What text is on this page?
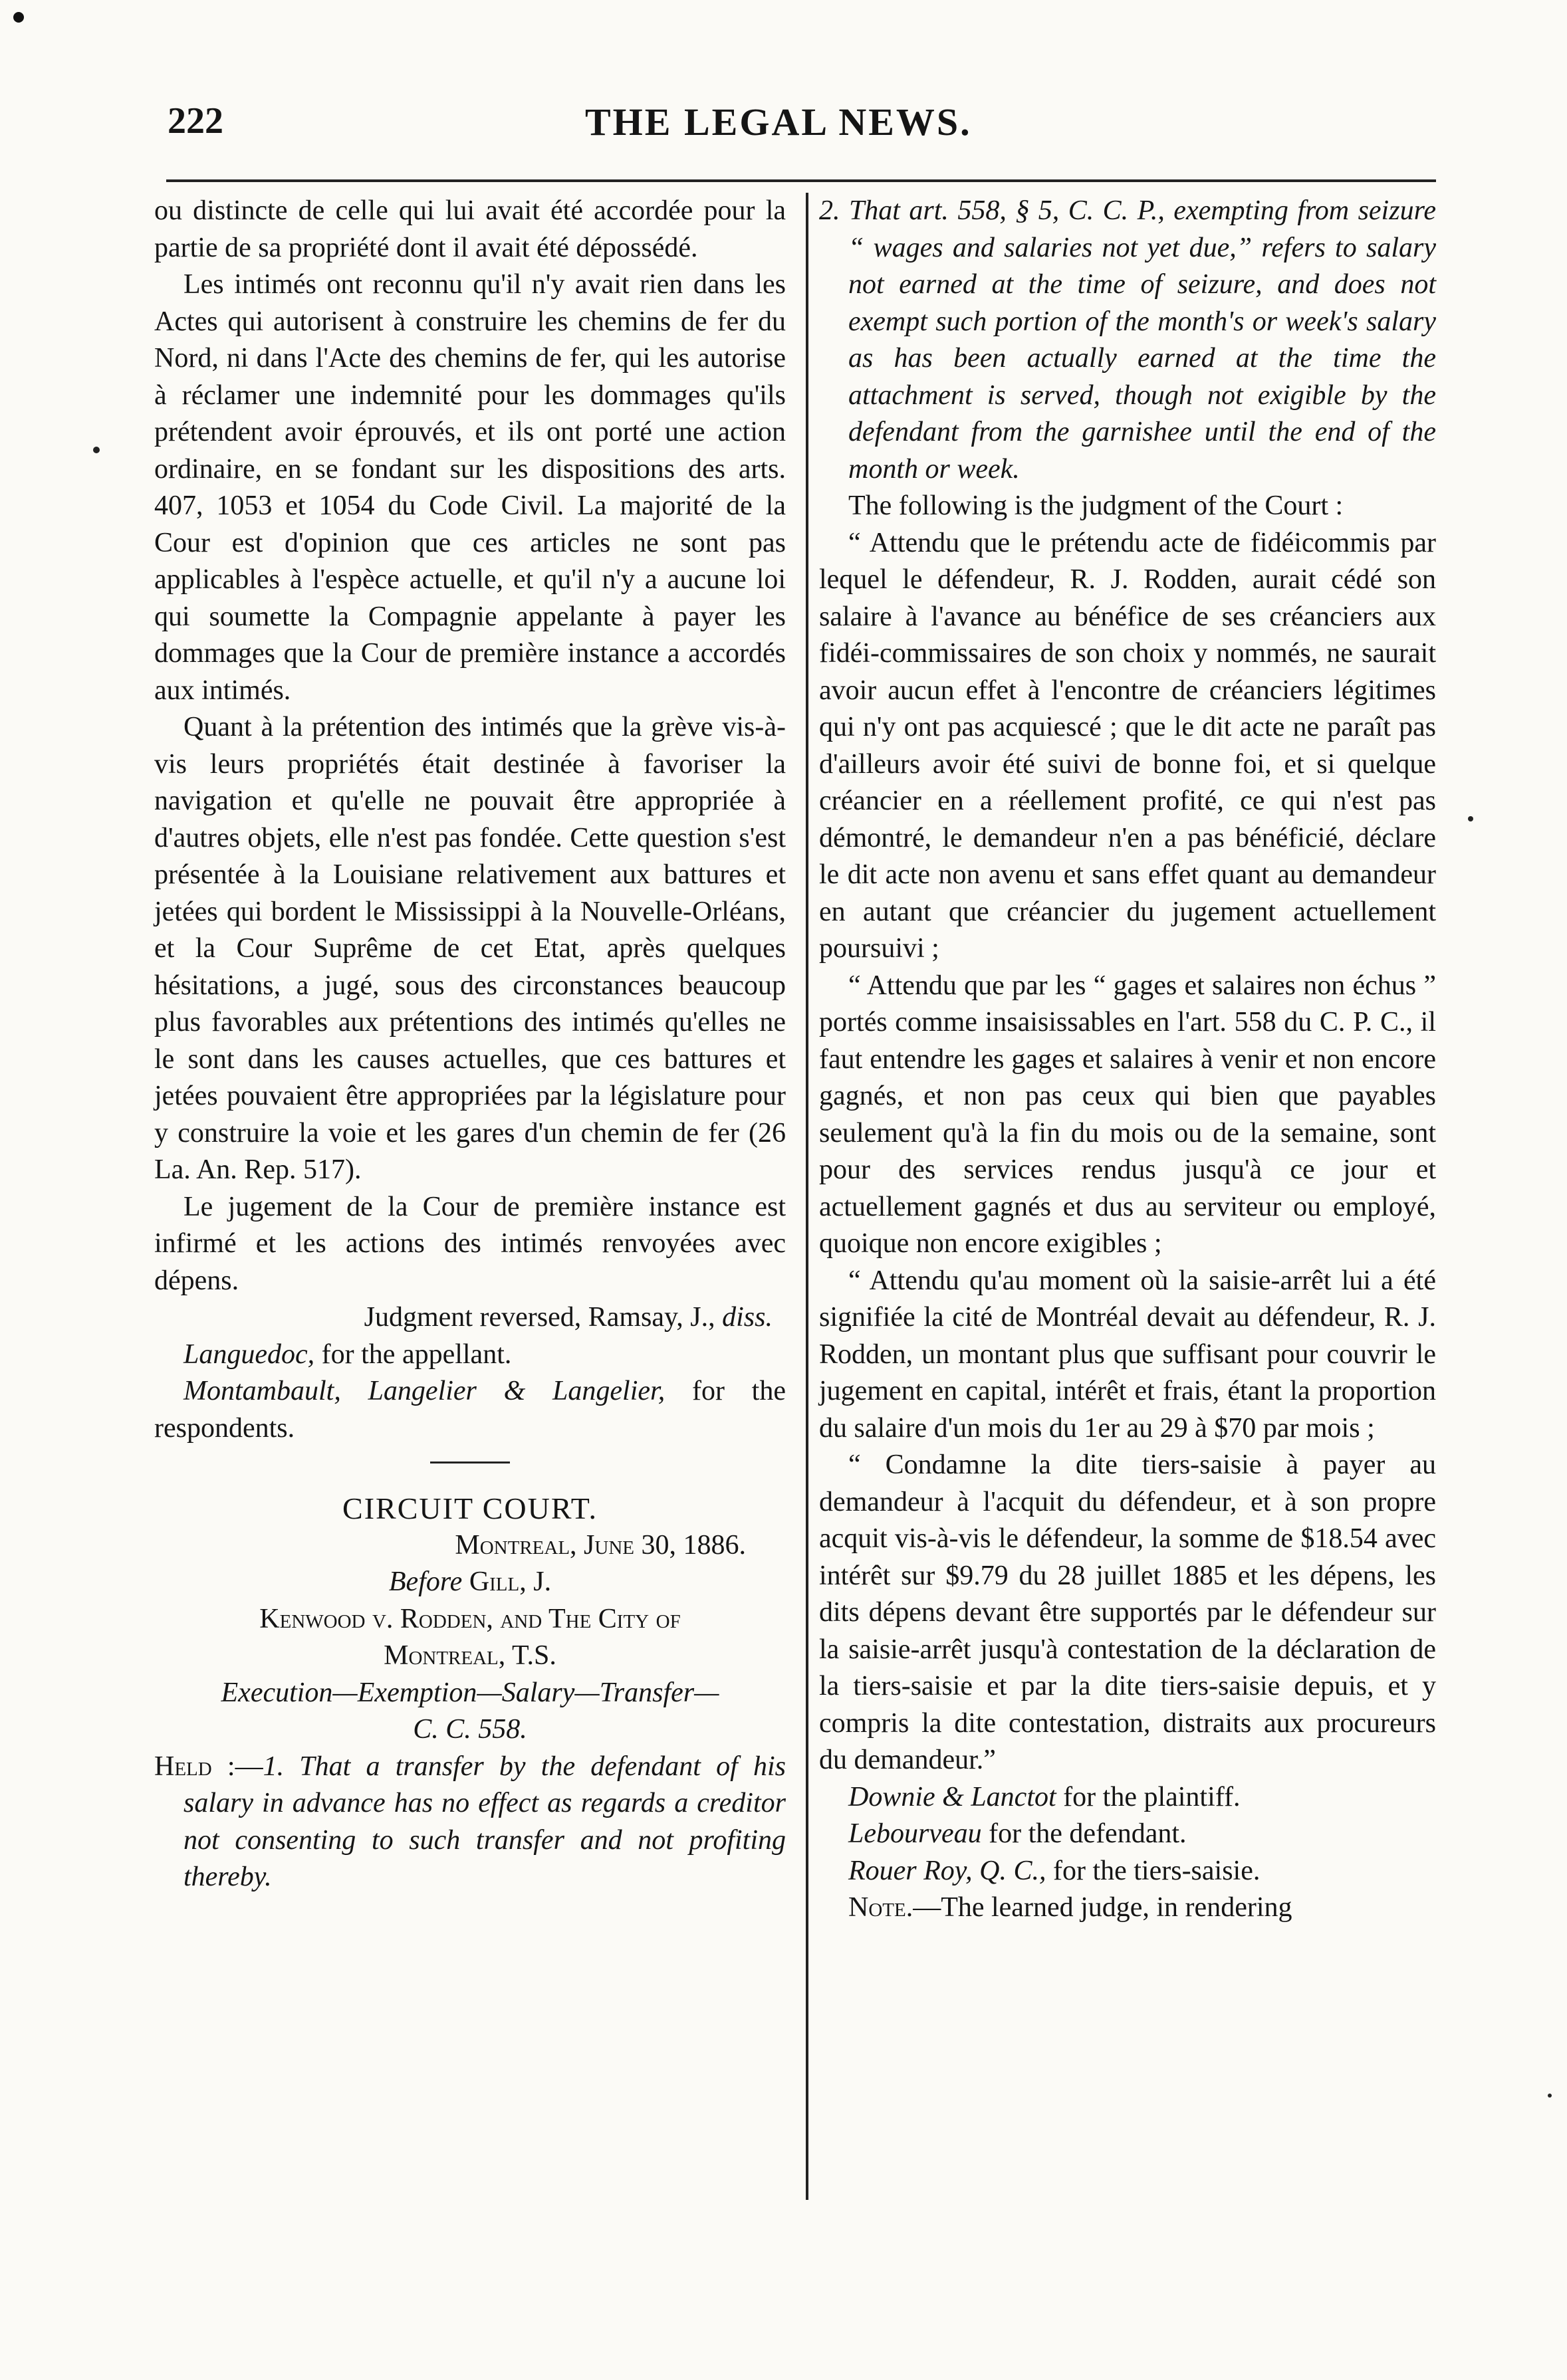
222	THE LEGAL NEWS.

ou distincte de celle qui lui avait été accordée pour la partie de sa propriété dont il avait été dépossédé.

Les intimés ont reconnu qu'il n'y avait rien dans les Actes qui autorisent à construire les chemins de fer du Nord, ni dans l'Acte des chemins de fer, qui les autorise à réclamer une indemnité pour les dommages qu'ils prétendent avoir éprouvés, et ils ont porté une action ordinaire, en se fondant sur les dispositions des arts. 407, 1053 et 1054 du Code Civil. La majorité de la Cour est d'opinion que ces articles ne sont pas applicables à l'espèce actuelle, et qu'il n'y a aucune loi qui soumette la Compagnie appelante à payer les dommages que la Cour de première instance a accordés aux intimés.

Quant à la prétention des intimés que la grève vis-à-vis leurs propriétés était destinée à favoriser la navigation et qu'elle ne pouvait être appropriée à d'autres objets, elle n'est pas fondée. Cette question s'est présentée à la Louisiane relativement aux battures et jetées qui bordent le Mississippi à la Nouvelle-Orléans, et la Cour Suprême de cet Etat, après quelques hésitations, a jugé, sous des circonstances beaucoup plus favorables aux prétentions des intimés qu'elles ne le sont dans les causes actuelles, que ces battures et jetées pouvaient être appropriées par la législature pour y construire la voie et les gares d'un chemin de fer (26 La. An. Rep. 517).

Le jugement de la Cour de première instance est infirmé et les actions des intimés renvoyées avec dépens.

Judgment reversed, Ramsay, J., diss.

Languedoc, for the appellant.

Montambault, Langelier & Langelier, for the respondents.

CIRCUIT COURT.

Montreal, June 30, 1886.

Before Gill, J.

Kenwood v. Rodden, and The City of

Montreal, T.S.

Execution—Exemption—Salary—Transfer—

C. C. 558.

Held :—1. That a transfer by the defendant of his salary in advance has no effect as regards a creditor not consenting to such transfer and not profiting thereby.

2. That art. 558, § 5, C. C. P., exempting from seizure “ wages and salaries not yet due,” refers to salary not earned at the time of seizure, and does not exempt such portion of the month's or week's salary as has been actually earned at the time the attachment is served, though not exigible by the defendant from the garnishee until the end of the month or week.

The following is the judgment of the Court :

“ Attendu que le prétendu acte de fidéicommis par lequel le défendeur, R. J. Rodden, aurait cédé son salaire à l'avance au bénéfice de ses créanciers aux fidéi-commissaires de son choix y nommés, ne saurait avoir aucun effet à l'encontre de créanciers légitimes qui n'y ont pas acquiescé ; que le dit acte ne paraît pas d'ailleurs avoir été suivi de bonne foi, et si quelque créancier en a réellement profité, ce qui n'est pas démontré, le demandeur n'en a pas bénéficié, déclare le dit acte non avenu et sans effet quant au demandeur en autant que créancier du jugement actuellement poursuivi ;

“ Attendu que par les “ gages et salaires non échus ” portés comme insaisissables en l'art. 558 du C. P. C., il faut entendre les gages et salaires à venir et non encore gagnés, et non pas ceux qui bien que payables seulement qu'à la fin du mois ou de la semaine, sont pour des services rendus jusqu'à ce jour et actuellement gagnés et dus au serviteur ou employé, quoique non encore exigibles ;

“ Attendu qu'au moment où la saisie-arrêt lui a été signifiée la cité de Montréal devait au défendeur, R. J. Rodden, un montant plus que suffisant pour couvrir le jugement en capital, intérêt et frais, étant la proportion du salaire d'un mois du 1er au 29 à $70 par mois ;

“ Condamne la dite tiers-saisie à payer au demandeur à l'acquit du défendeur, et à son propre acquit vis-à-vis le défendeur, la somme de $18.54 avec intérêt sur $9.79 du 28 juillet 1885 et les dépens, les dits dépens devant être supportés par le défendeur sur la saisie-arrêt jusqu'à contestation de la déclaration de la tiers-saisie et par la dite tiers-saisie depuis, et y compris la dite contestation, distraits aux procureurs du demandeur.”

Downie & Lanctot for the plaintiff.

Lebourveau for the defendant.

Rouer Roy, Q. C., for the tiers-saisie.

Note.—The learned judge, in rendering
